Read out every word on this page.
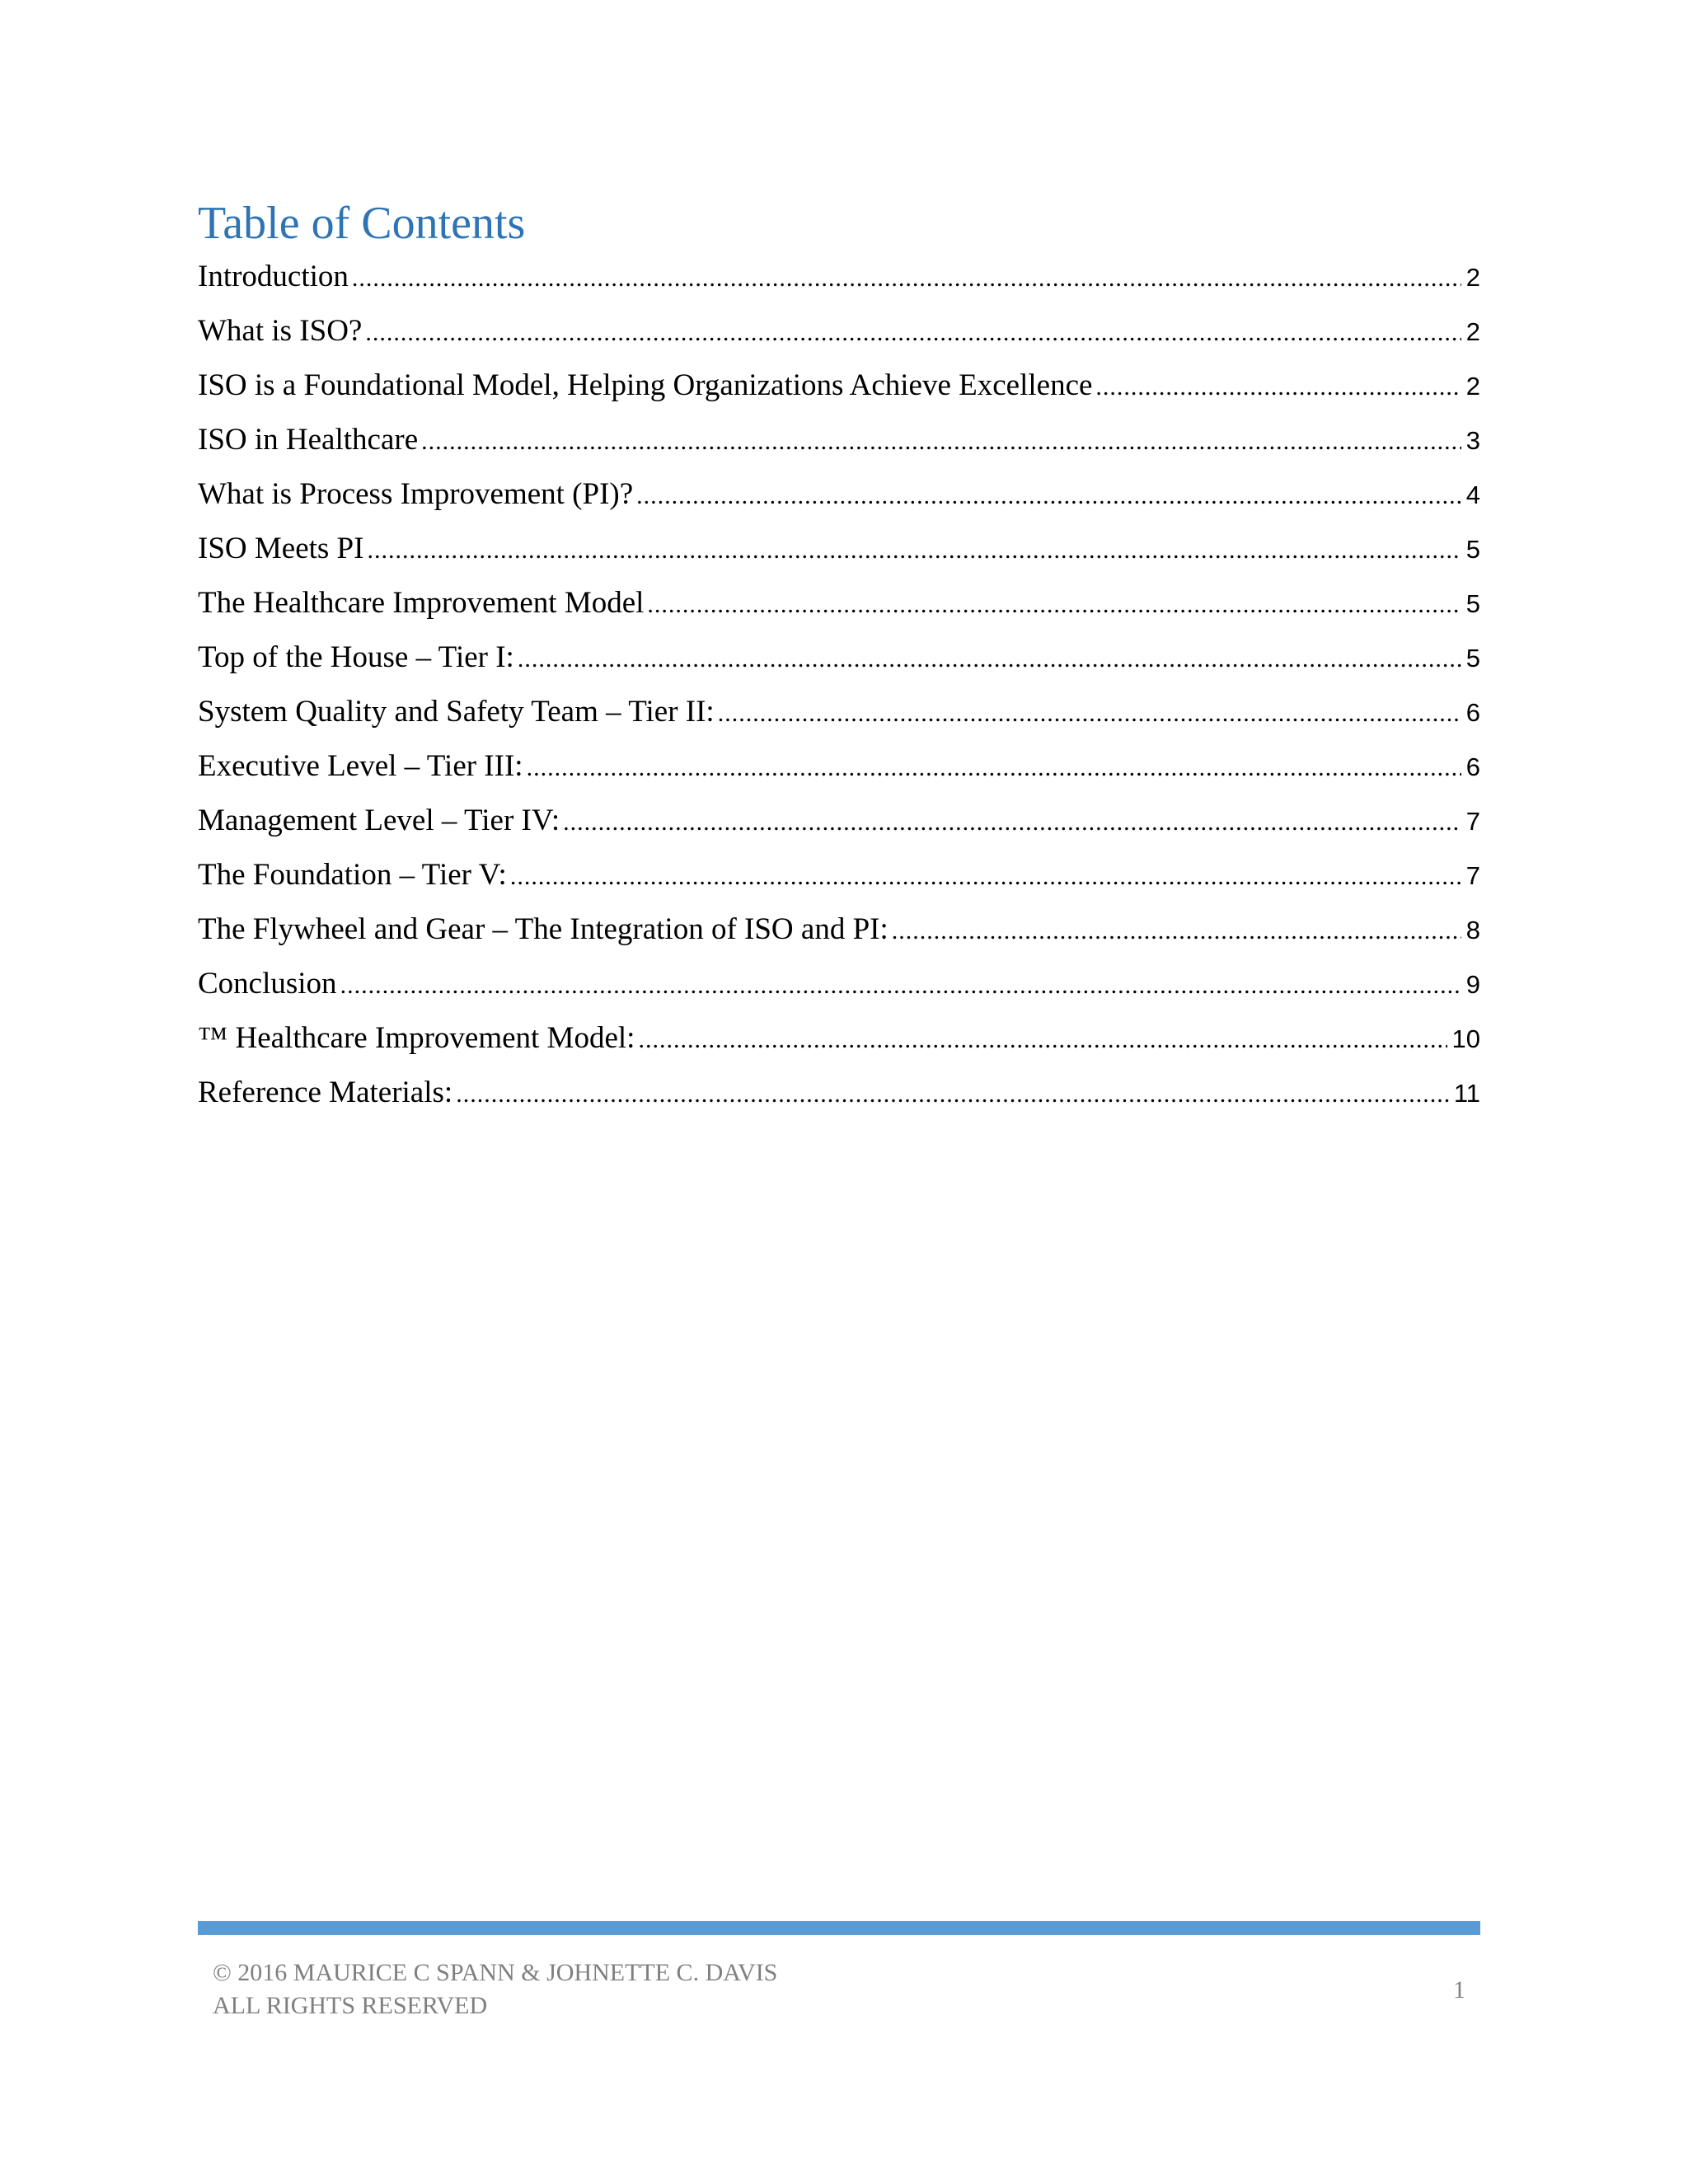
Table of Contents
Introduction .....	2
What is ISO? .....	2
ISO is a Foundational Model, Helping Organizations Achieve Excellence .....	2
ISO in Healthcare .....	3
What is Process Improvement (PI)? .....	4
ISO Meets PI .....	5
The Healthcare Improvement Model .....	5
Top of the House – Tier I: .....	5
System Quality and Safety Team – Tier II: .....	6
Executive Level – Tier III: .....	6
Management Level – Tier IV: .....	7
The Foundation – Tier V: .....	7
The Flywheel and Gear – The Integration of ISO and PI: .....	8
Conclusion .....	9
™ Healthcare Improvement Model: .....	10
Reference Materials: .....	11
© 2016 MAURICE C SPANN & JOHNETTE C. DAVIS
ALL RIGHTS RESERVED
1
